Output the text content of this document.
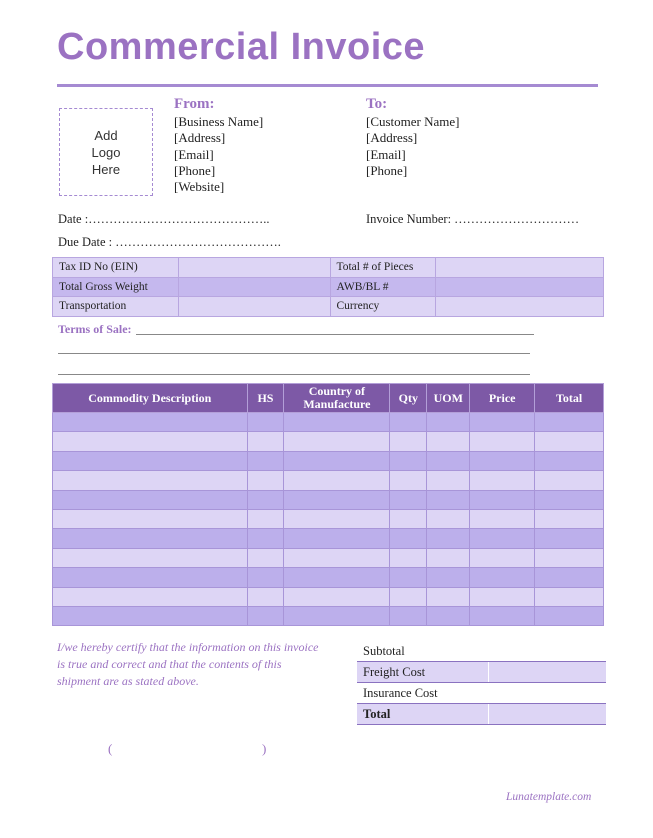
Commercial Invoice
Add
Logo
Here
From:
[Business Name]
[Address]
[Email]
[Phone]
[Website]
To:
[Customer Name]
[Address]
[Email]
[Phone]
Date :……………………………………..	Invoice Number: …………………………
Due Date : ………………………………….
Tax ID No (EIN)		Total # of Pieces	
Total Gross Weight		AWB/BL #	
Transportation		Currency	
Terms of Sale:
Commodity Description	HS	Country of Manufacture	Qty	UOM	Price	Total

I/we hereby certify that the information on this invoice is true and correct and that the contents of this shipment are as stated above.
Subtotal	
Freight Cost	
Insurance Cost	
Total	
(	)
Lunatemplate.com
